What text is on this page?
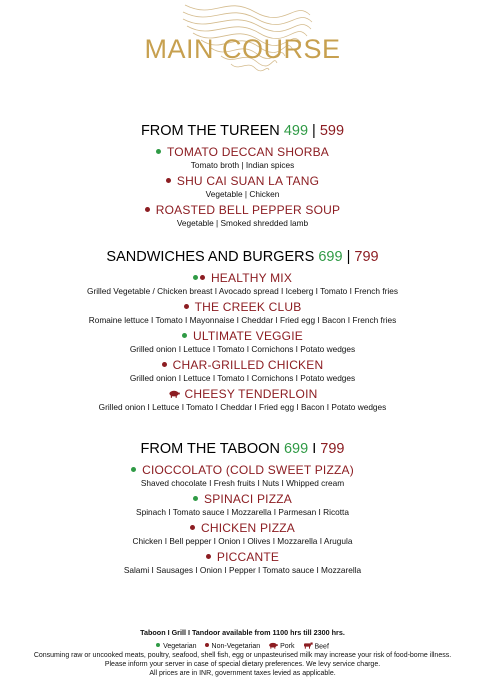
MAIN COURSE
FROM THE TUREEN 499 | 599
TOMATO DECCAN SHORBA
Tomato broth | Indian spices
SHU CAI SUAN LA TANG
Vegetable | Chicken
ROASTED BELL PEPPER SOUP
Vegetable | Smoked shredded lamb
SANDWICHES AND BURGERS 699 | 799
HEALTHY MIX
Grilled Vegetable / Chicken breast I Avocado spread I Iceberg I Tomato I French fries
THE CREEK CLUB
Romaine lettuce I Tomato I Mayonnaise I Cheddar I Fried egg I Bacon I French fries
ULTIMATE VEGGIE
Grilled onion I Lettuce I Tomato I Cornichons I Potato wedges
CHAR-GRILLED CHICKEN
Grilled onion I Lettuce I Tomato I Cornichons I Potato wedges
CHEESY TENDERLOIN
Grilled onion I Lettuce I Tomato I Cheddar I Fried egg I Bacon I Potato wedges
FROM THE TABOON 699 I 799
CIOCCOLATO (COLD SWEET PIZZA)
Shaved chocolate I Fresh fruits I Nuts I Whipped cream
SPINACI PIZZA
Spinach I Tomato sauce I Mozzarella I Parmesan I Ricotta
CHICKEN PIZZA
Chicken I Bell pepper I Onion I Olives I Mozzarella I Arugula
PICCANTE
Salami I Sausages I Onion I Pepper I Tomato sauce I Mozzarella
Taboon I Grill I Tandoor available from 1100 hrs till 2300 hrs.
Vegetarian Non-Vegetarian	Pork	Beef
Consuming raw or uncooked meats, poultry, seafood, shell fish, egg or unpasteurised milk may increase your risk of food-borne illness.
Please inform your server in case of special dietary preferences. We levy service charge.
All prices are in INR, government taxes levied as applicable.
